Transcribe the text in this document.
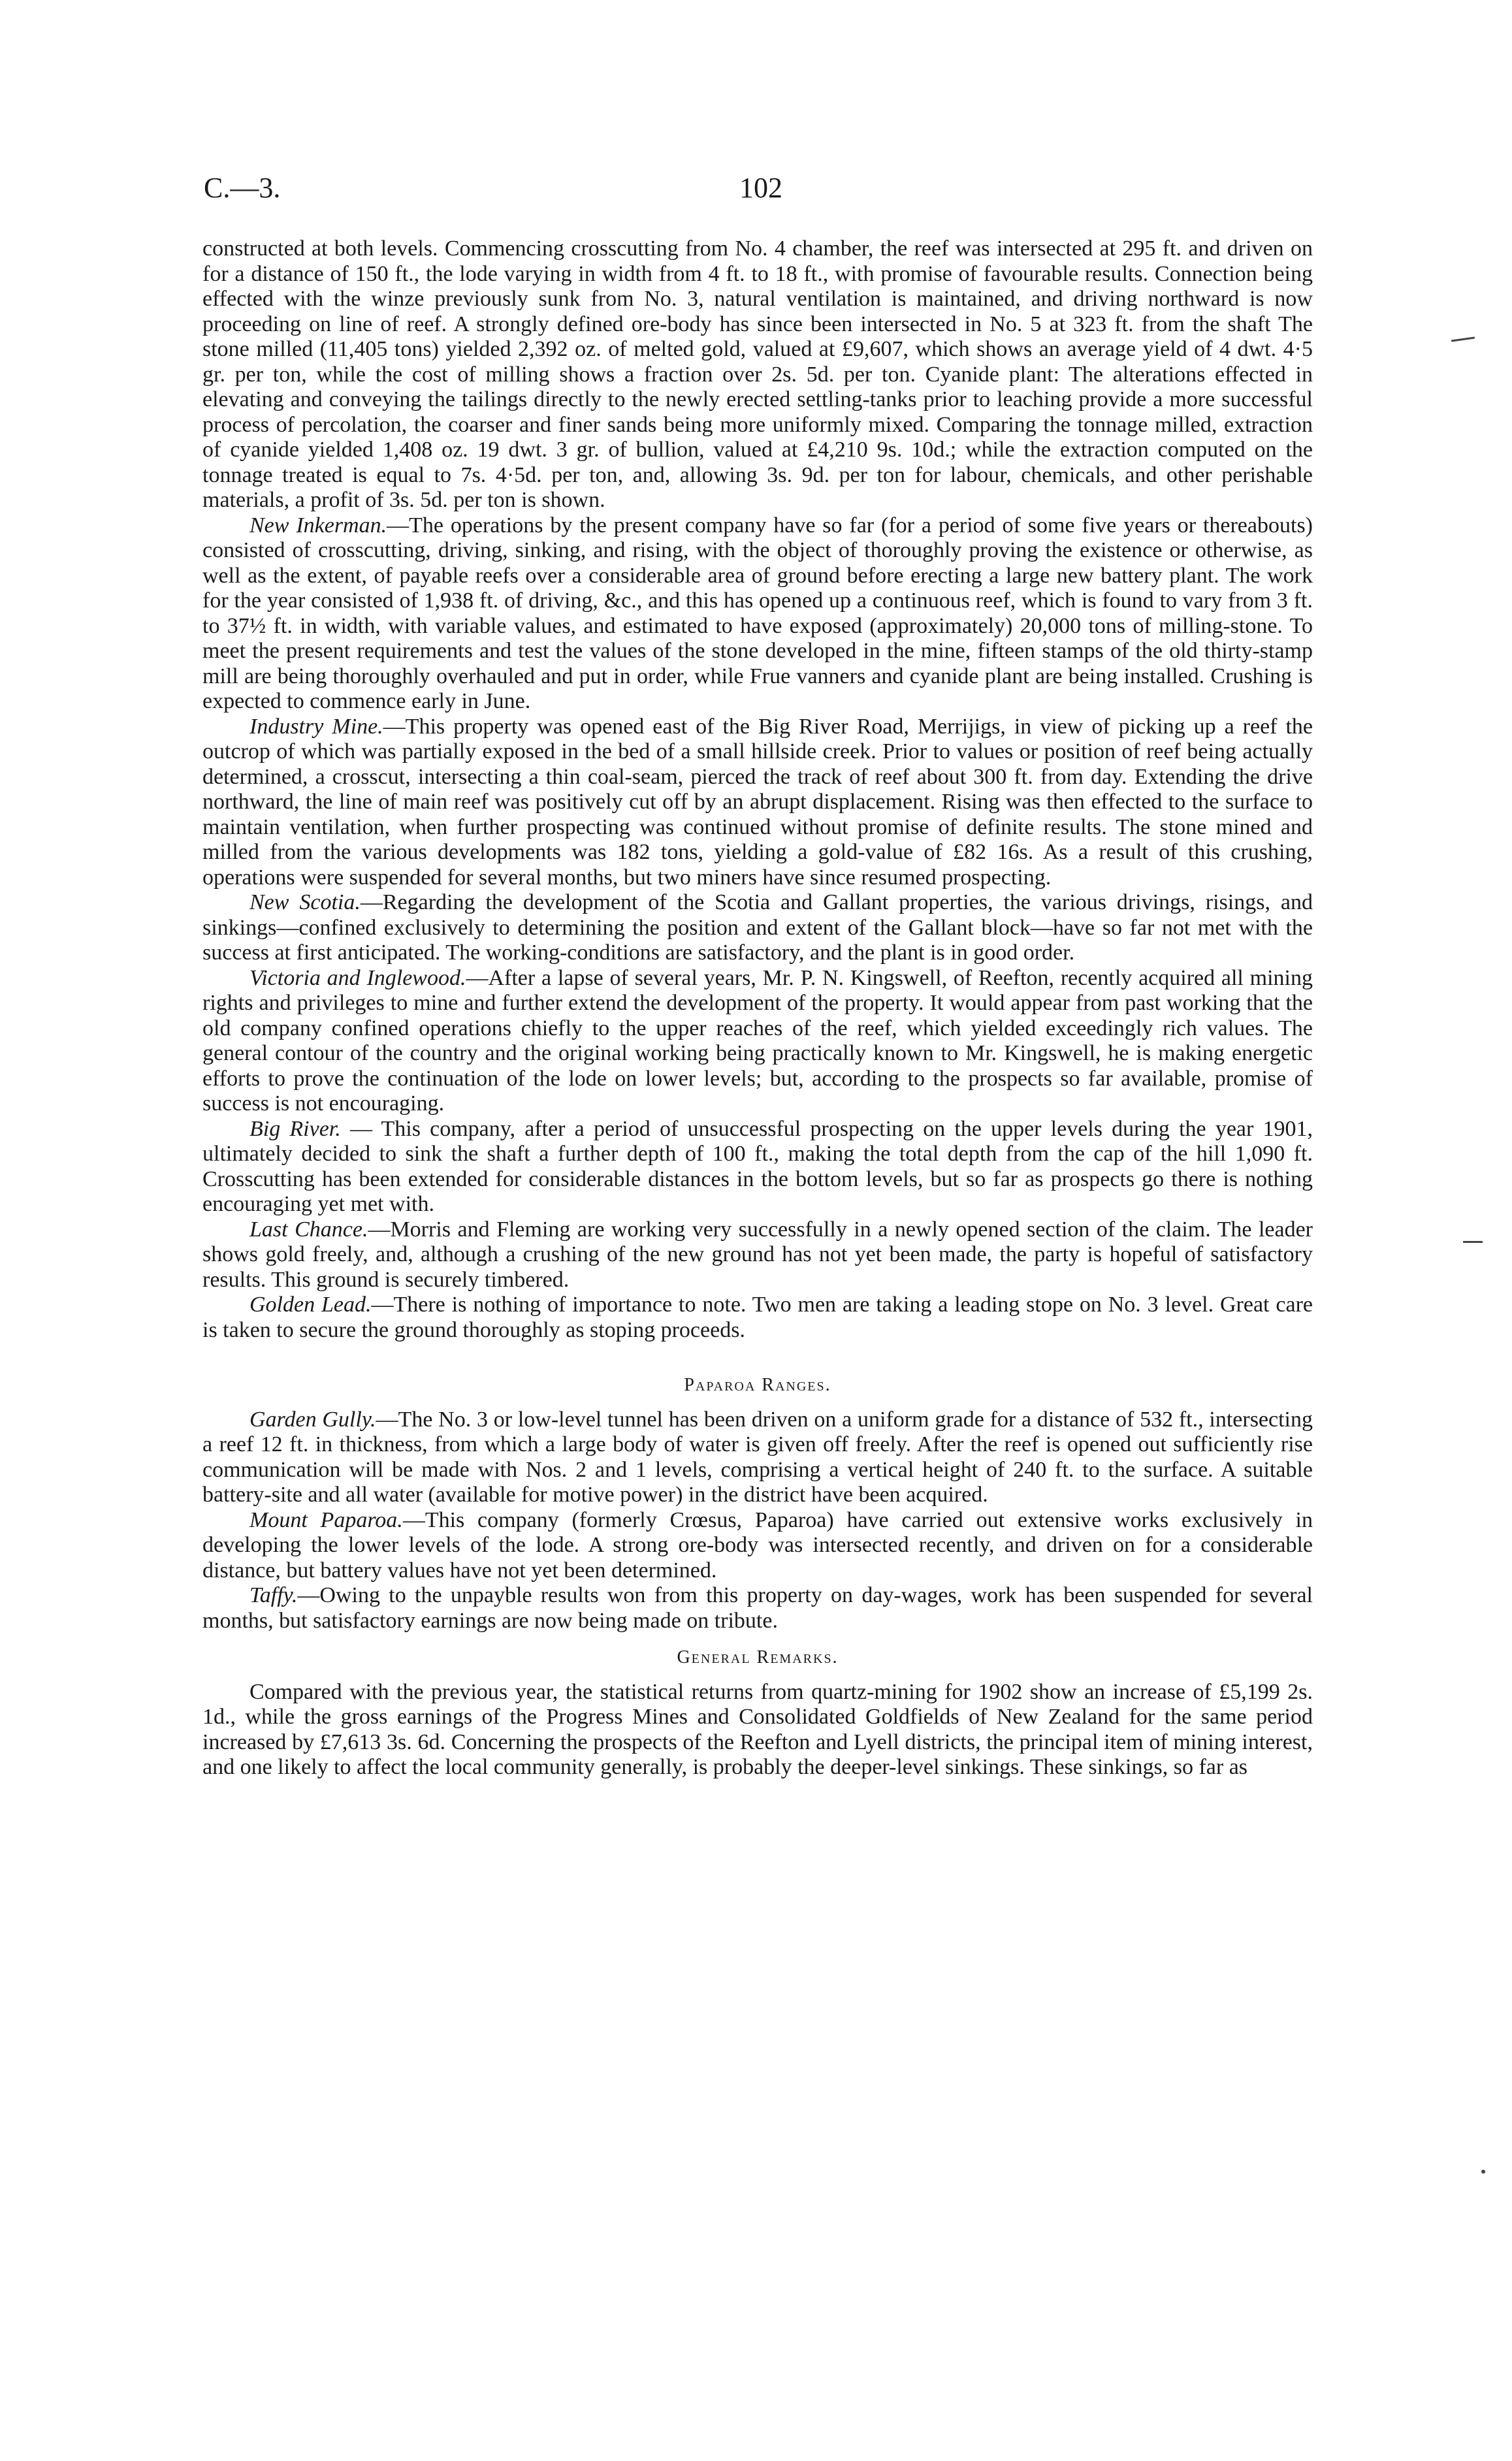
C.—3.	102

constructed at both levels. Commencing crosscutting from No. 4 chamber, the reef was intersected at 295 ft. and driven on for a distance of 150 ft., the lode varying in width from 4 ft. to 18 ft., with promise of favourable results. Connection being effected with the winze previously sunk from No. 3, natural ventilation is maintained, and driving northward is now proceeding on line of reef. A strongly defined ore-body has since been intersected in No. 5 at 323 ft. from the shaft The stone milled (11,405 tons) yielded 2,392 oz. of melted gold, valued at £9,607, which shows an average yield of 4 dwt. 4·5 gr. per ton, while the cost of milling shows a fraction over 2s. 5d. per ton. Cyanide plant: The alterations effected in elevating and conveying the tailings directly to the newly erected settling-tanks prior to leaching provide a more successful process of percolation, the coarser and finer sands being more uniformly mixed. Comparing the tonnage milled, extraction of cyanide yielded 1,408 oz. 19 dwt. 3 gr. of bullion, valued at £4,210 9s. 10d.; while the extraction computed on the tonnage treated is equal to 7s. 4·5d. per ton, and, allowing 3s. 9d. per ton for labour, chemicals, and other perishable materials, a profit of 3s. 5d. per ton is shown.

New Inkerman.—The operations by the present company have so far (for a period of some five years or thereabouts) consisted of crosscutting, driving, sinking, and rising, with the object of thoroughly proving the existence or otherwise, as well as the extent, of payable reefs over a considerable area of ground before erecting a large new battery plant. The work for the year consisted of 1,938 ft. of driving, &c., and this has opened up a continuous reef, which is found to vary from 3 ft. to 37½ ft. in width, with variable values, and estimated to have exposed (approximately) 20,000 tons of milling-stone. To meet the present requirements and test the values of the stone developed in the mine, fifteen stamps of the old thirty-stamp mill are being thoroughly overhauled and put in order, while Frue vanners and cyanide plant are being installed. Crushing is expected to commence early in June.

Industry Mine.—This property was opened east of the Big River Road, Merrijigs, in view of picking up a reef the outcrop of which was partially exposed in the bed of a small hillside creek. Prior to values or position of reef being actually determined, a crosscut, intersecting a thin coal-seam, pierced the track of reef about 300 ft. from day. Extending the drive northward, the line of main reef was positively cut off by an abrupt displacement. Rising was then effected to the surface to maintain ventilation, when further prospecting was continued without promise of definite results. The stone mined and milled from the various developments was 182 tons, yielding a gold-value of £82 16s. As a result of this crushing, operations were suspended for several months, but two miners have since resumed prospecting.

New Scotia.—Regarding the development of the Scotia and Gallant properties, the various drivings, risings, and sinkings—confined exclusively to determining the position and extent of the Gallant block—have so far not met with the success at first anticipated. The working-conditions are satisfactory, and the plant is in good order.

Victoria and Inglewood.—After a lapse of several years, Mr. P. N. Kingswell, of Reefton, recently acquired all mining rights and privileges to mine and further extend the development of the property. It would appear from past working that the old company confined operations chiefly to the upper reaches of the reef, which yielded exceedingly rich values. The general contour of the country and the original working being practically known to Mr. Kingswell, he is making energetic efforts to prove the continuation of the lode on lower levels; but, according to the prospects so far available, promise of success is not encouraging.

Big River. — This company, after a period of unsuccessful prospecting on the upper levels during the year 1901, ultimately decided to sink the shaft a further depth of 100 ft., making the total depth from the cap of the hill 1,090 ft. Crosscutting has been extended for considerable distances in the bottom levels, but so far as prospects go there is nothing encouraging yet met with.

Last Chance.—Morris and Fleming are working very successfully in a newly opened section of the claim. The leader shows gold freely, and, although a crushing of the new ground has not yet been made, the party is hopeful of satisfactory results. This ground is securely timbered.

Golden Lead.—There is nothing of importance to note. Two men are taking a leading stope on No. 3 level. Great care is taken to secure the ground thoroughly as stoping proceeds.

Paparoa Ranges.

Garden Gully.—The No. 3 or low-level tunnel has been driven on a uniform grade for a distance of 532 ft., intersecting a reef 12 ft. in thickness, from which a large body of water is given off freely. After the reef is opened out sufficiently rise communication will be made with Nos. 2 and 1 levels, comprising a vertical height of 240 ft. to the surface. A suitable battery-site and all water (available for motive power) in the district have been acquired.

Mount Paparoa.—This company (formerly Crœsus, Paparoa) have carried out extensive works exclusively in developing the lower levels of the lode. A strong ore-body was intersected recently, and driven on for a considerable distance, but battery values have not yet been determined.

Taffy.—Owing to the unpayble results won from this property on day-wages, work has been suspended for several months, but satisfactory earnings are now being made on tribute.

General Remarks.

Compared with the previous year, the statistical returns from quartz-mining for 1902 show an increase of £5,199 2s. 1d., while the gross earnings of the Progress Mines and Consolidated Goldfields of New Zealand for the same period increased by £7,613 3s. 6d. Concerning the prospects of the Reefton and Lyell districts, the principal item of mining interest, and one likely to affect the local community generally, is probably the deeper-level sinkings. These sinkings, so far as
